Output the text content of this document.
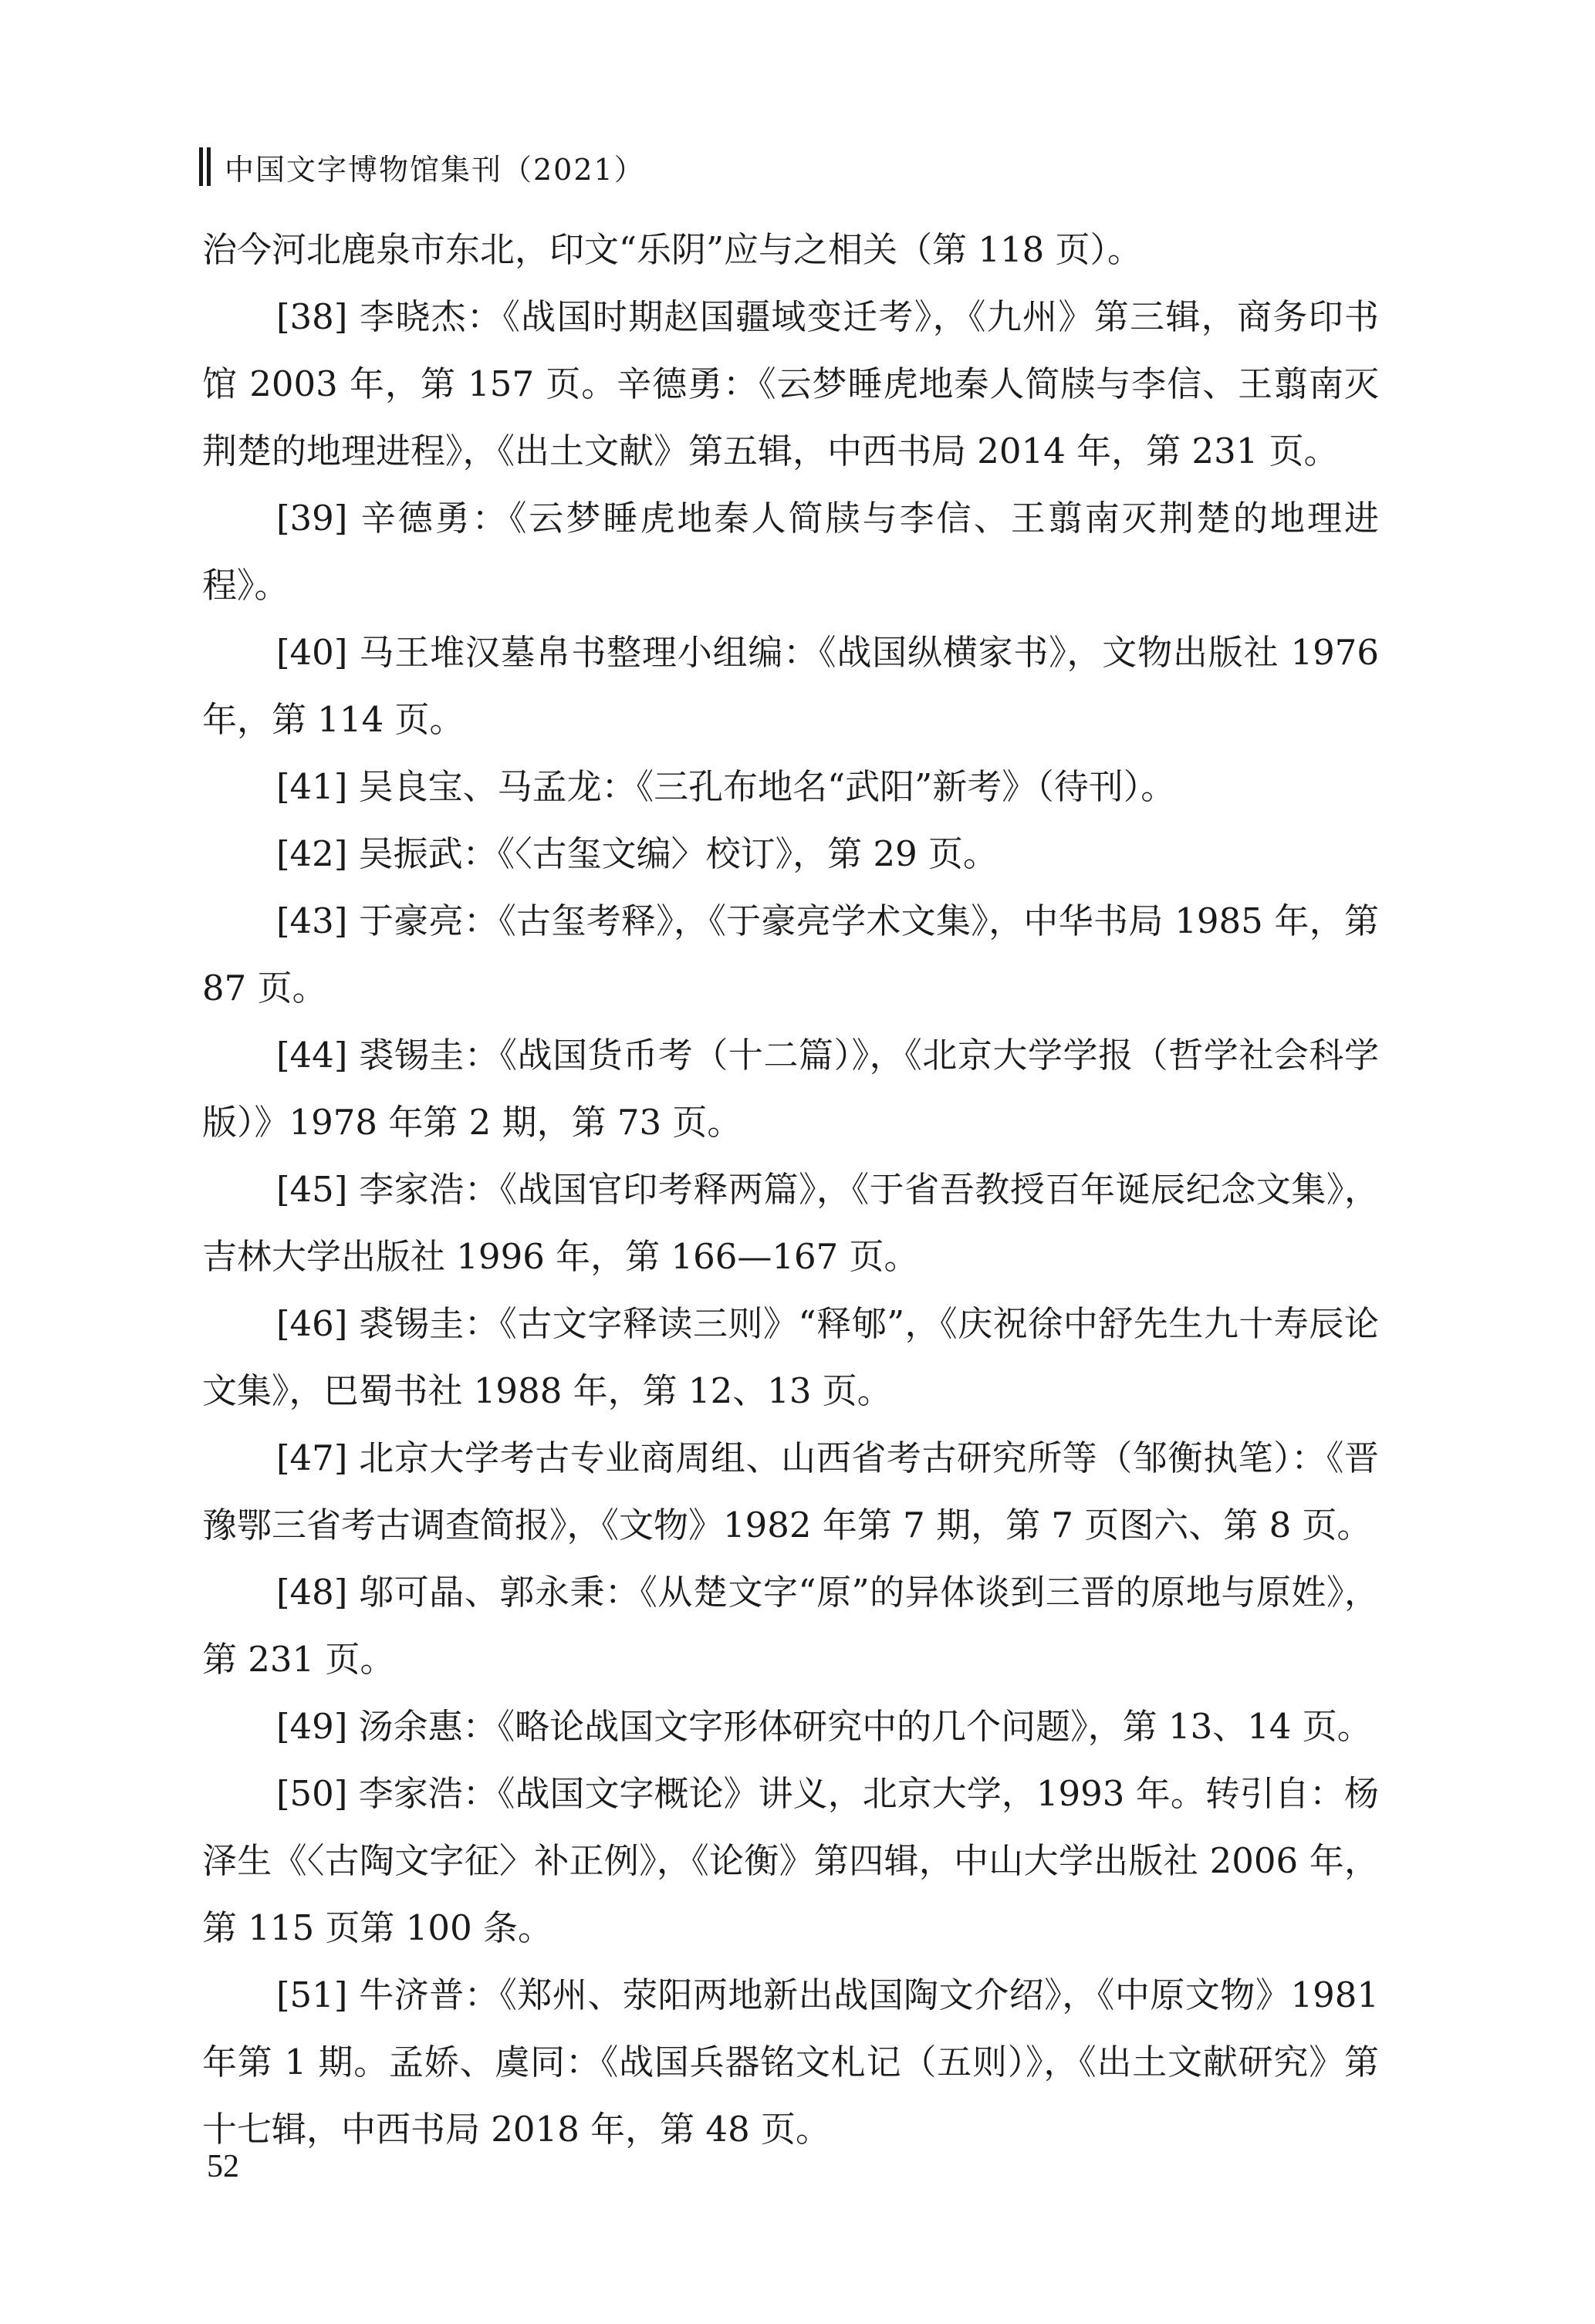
中国文字博物馆集刊（2021）

治今河北鹿泉市东北，印文“乐阴”应与之相关（第 118 页）。

[38] 李晓杰：《战国时期赵国疆域变迁考》，《九州》第三辑，商务印书馆 2003 年，第 157 页。辛德勇：《云梦睡虎地秦人简牍与李信、王翦南灭荆楚的地理进程》，《出土文献》第五辑，中西书局 2014 年，第 231 页。

[39] 辛德勇：《云梦睡虎地秦人简牍与李信、王翦南灭荆楚的地理进程》。

[40] 马王堆汉墓帛书整理小组编：《战国纵横家书》，文物出版社 1976 年，第 114 页。

[41] 吴良宝、马孟龙：《三孔布地名“武阳”新考》（待刊）。

[42] 吴振武：《〈古玺文编〉校订》，第 29 页。

[43] 于豪亮：《古玺考释》，《于豪亮学术文集》，中华书局 1985 年，第 87 页。

[44] 裘锡圭：《战国货币考（十二篇）》，《北京大学学报（哲学社会科学版）》1978 年第 2 期，第 73 页。

[45] 李家浩：《战国官印考释两篇》，《于省吾教授百年诞辰纪念文集》，吉林大学出版社 1996 年，第 166—167 页。

[46] 裘锡圭：《古文字释读三则》“释郇”，《庆祝徐中舒先生九十寿辰论文集》，巴蜀书社 1988 年，第 12、13 页。

[47] 北京大学考古专业商周组、山西省考古研究所等（邹衡执笔）：《晋豫鄂三省考古调查简报》，《文物》1982 年第 7 期，第 7 页图六、第 8 页。

[48] 邬可晶、郭永秉：《从楚文字“原”的异体谈到三晋的原地与原姓》，第 231 页。

[49] 汤余惠：《略论战国文字形体研究中的几个问题》，第 13、14 页。

[50] 李家浩：《战国文字概论》讲义，北京大学，1993 年。转引自：杨泽生《〈古陶文字征〉补正例》，《论衡》第四辑，中山大学出版社 2006 年，第 115 页第 100 条。

[51] 牛济普：《郑州、荥阳两地新出战国陶文介绍》，《中原文物》1981 年第 1 期。孟娇、虞同：《战国兵器铭文札记（五则）》，《出土文献研究》第十七辑，中西书局 2018 年，第 48 页。

52
